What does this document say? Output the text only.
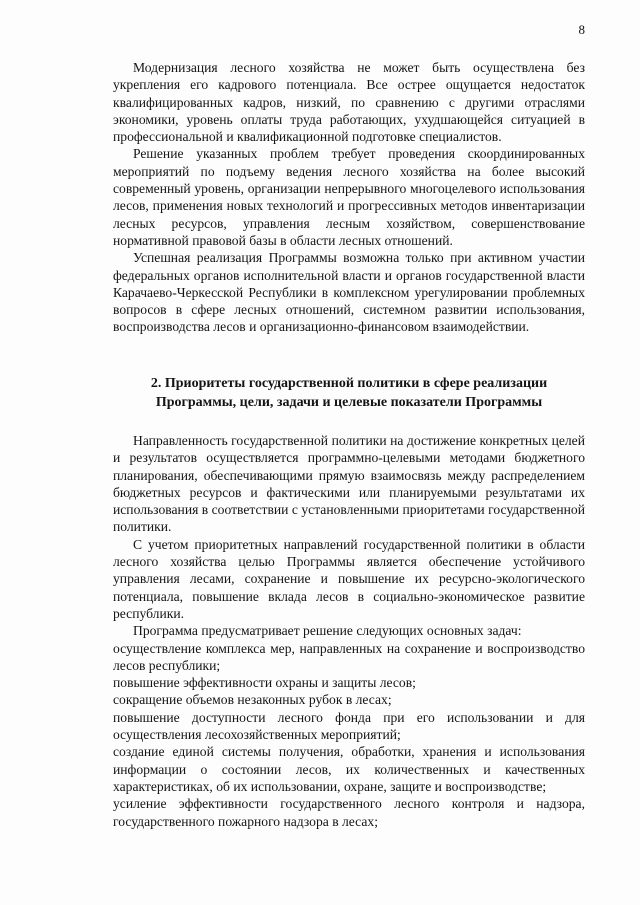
8

Модернизация лесного хозяйства не может быть осуществлена без укрепления его кадрового потенциала. Все острее ощущается недостаток квалифицированных кадров, низкий, по сравнению с другими отраслями экономики, уровень оплаты труда работающих, ухудшающейся ситуацией в профессиональной и квалификационной подготовке специалистов.

Решение указанных проблем требует проведения скоординированных мероприятий по подъему ведения лесного хозяйства на более высокий современный уровень, организации непрерывного многоцелевого использования лесов, применения новых технологий и прогрессивных методов инвентаризации лесных ресурсов, управления лесным хозяйством, совершенствование нормативной правовой базы в области лесных отношений.

Успешная реализация Программы возможна только при активном участии федеральных органов исполнительной власти и органов государственной власти Карачаево-Черкесской Республики в комплексном урегулировании проблемных вопросов в сфере лесных отношений, системном развитии использования, воспроизводства лесов и организационно-финансовом взаимодействии.

2. Приоритеты государственной политики в сфере реализации
Программы, цели, задачи и целевые показатели Программы

Направленность государственной политики на достижение конкретных целей и результатов осуществляется программно-целевыми методами бюджетного планирования, обеспечивающими прямую взаимосвязь между распределением бюджетных ресурсов и фактическими или планируемыми результатами их использования в соответствии с установленными приоритетами государственной политики.

С учетом приоритетных направлений государственной политики в области лесного хозяйства целью Программы является обеспечение устойчивого управления лесами, сохранение и повышение их ресурсно-экологического потенциала, повышение вклада лесов в социально-экономическое развитие республики.

Программа предусматривает решение следующих основных задач:

осуществление комплекса мер, направленных на сохранение и воспроизводство лесов республики;

повышение эффективности охраны и защиты лесов;

сокращение объемов незаконных рубок в лесах;

повышение доступности лесного фонда при его использовании и для осуществления лесохозяйственных мероприятий;

создание единой системы получения, обработки, хранения и использования информации о состоянии лесов, их количественных и качественных характеристиках, об их использовании, охране, защите и воспроизводстве;

усиление эффективности государственного лесного контроля и надзора, государственного пожарного надзора в лесах;
